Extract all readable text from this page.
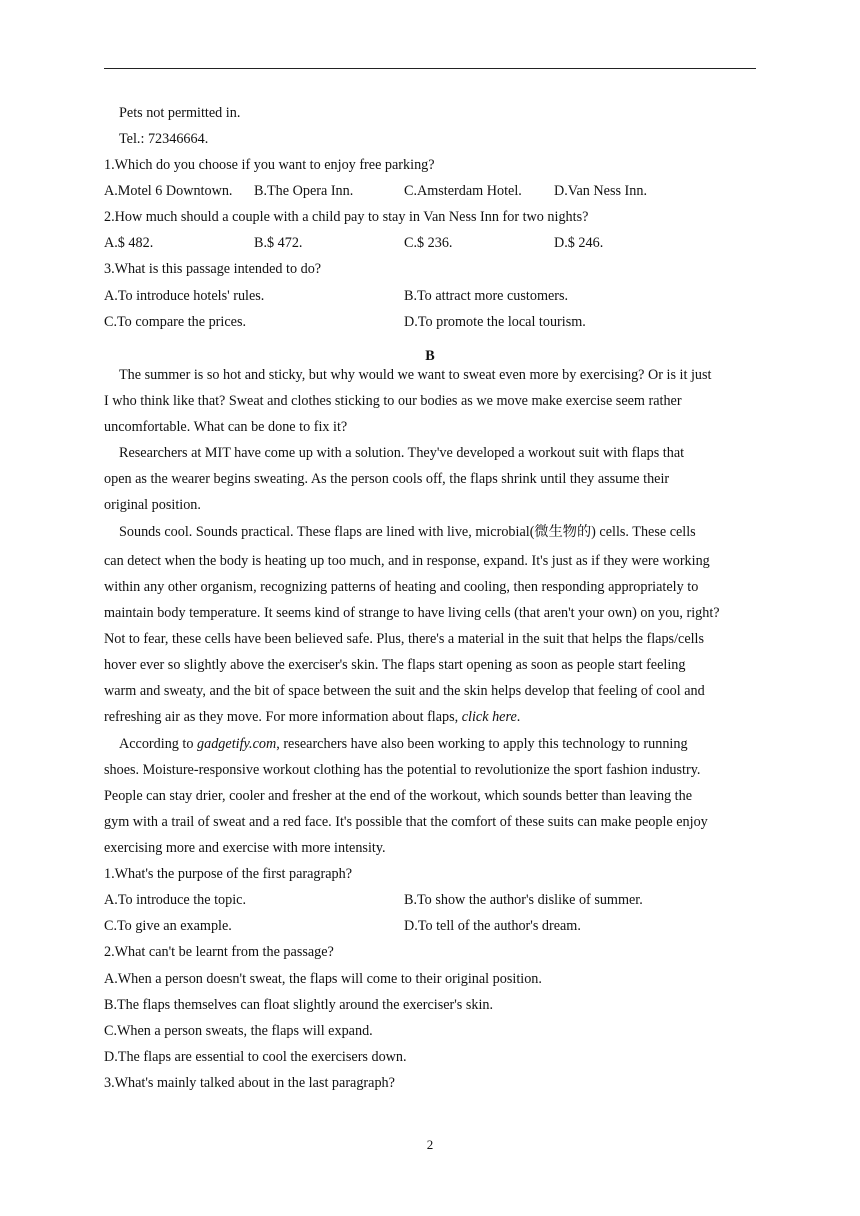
Pets not permitted in.
Tel.: 72346664.
1.Which do you choose if you want to enjoy free parking?
A.Motel 6 Downtown. B.The Opera Inn.	C.Amsterdam Hotel. D.Van Ness Inn.
2.How much should a couple with a child pay to stay in Van Ness Inn for two nights?
A.$ 482.	B.$ 472.	C.$ 236.	D.$ 246.
3.What is this passage intended to do?
A.To introduce hotels' rules.	B.To attract more customers.
C.To compare the prices.	D.To promote the local tourism.
B
The summer is so hot and sticky, but why would we want to sweat even more by exercising? Or is it just
I who think like that? Sweat and clothes sticking to our bodies as we move make exercise seem rather
uncomfortable. What can be done to fix it?
Researchers at MIT have come up with a solution. They've developed a workout suit with flaps that
open as the wearer begins sweating. As the person cools off, the flaps shrink until they assume their
original position.
Sounds cool. Sounds practical. These flaps are lined with live, microbial(微生物的) cells. These cells
can detect when the body is heating up too much, and in response, expand. It's just as if they were working
within any other organism, recognizing patterns of heating and cooling, then responding appropriately to
maintain body temperature. It seems kind of strange to have living cells (that aren't your own) on you, right?
Not to fear, these cells have been believed safe. Plus, there's a material in the suit that helps the flaps/cells
hover ever so slightly above the exerciser's skin. The flaps start opening as soon as people start feeling
warm and sweaty, and the bit of space between the suit and the skin helps develop that feeling of cool and
refreshing air as they move. For more information about flaps, click here.
According to gadgetify.com, researchers have also been working to apply this technology to running
shoes. Moisture-responsive workout clothing has the potential to revolutionize the sport fashion industry.
People can stay drier, cooler and fresher at the end of the workout, which sounds better than leaving the
gym with a trail of sweat and a red face. It's possible that the comfort of these suits can make people enjoy
exercising more and exercise with more intensity.
1.What's the purpose of the first paragraph?
A.To introduce the topic.	B.To show the author's dislike of summer.
C.To give an example.	D.To tell of the author's dream.
2.What can't be learnt from the passage?
A.When a person doesn't sweat, the flaps will come to their original position.
B.The flaps themselves can float slightly around the exerciser's skin.
C.When a person sweats, the flaps will expand.
D.The flaps are essential to cool the exercisers down.
3.What's mainly talked about in the last paragraph?
2
